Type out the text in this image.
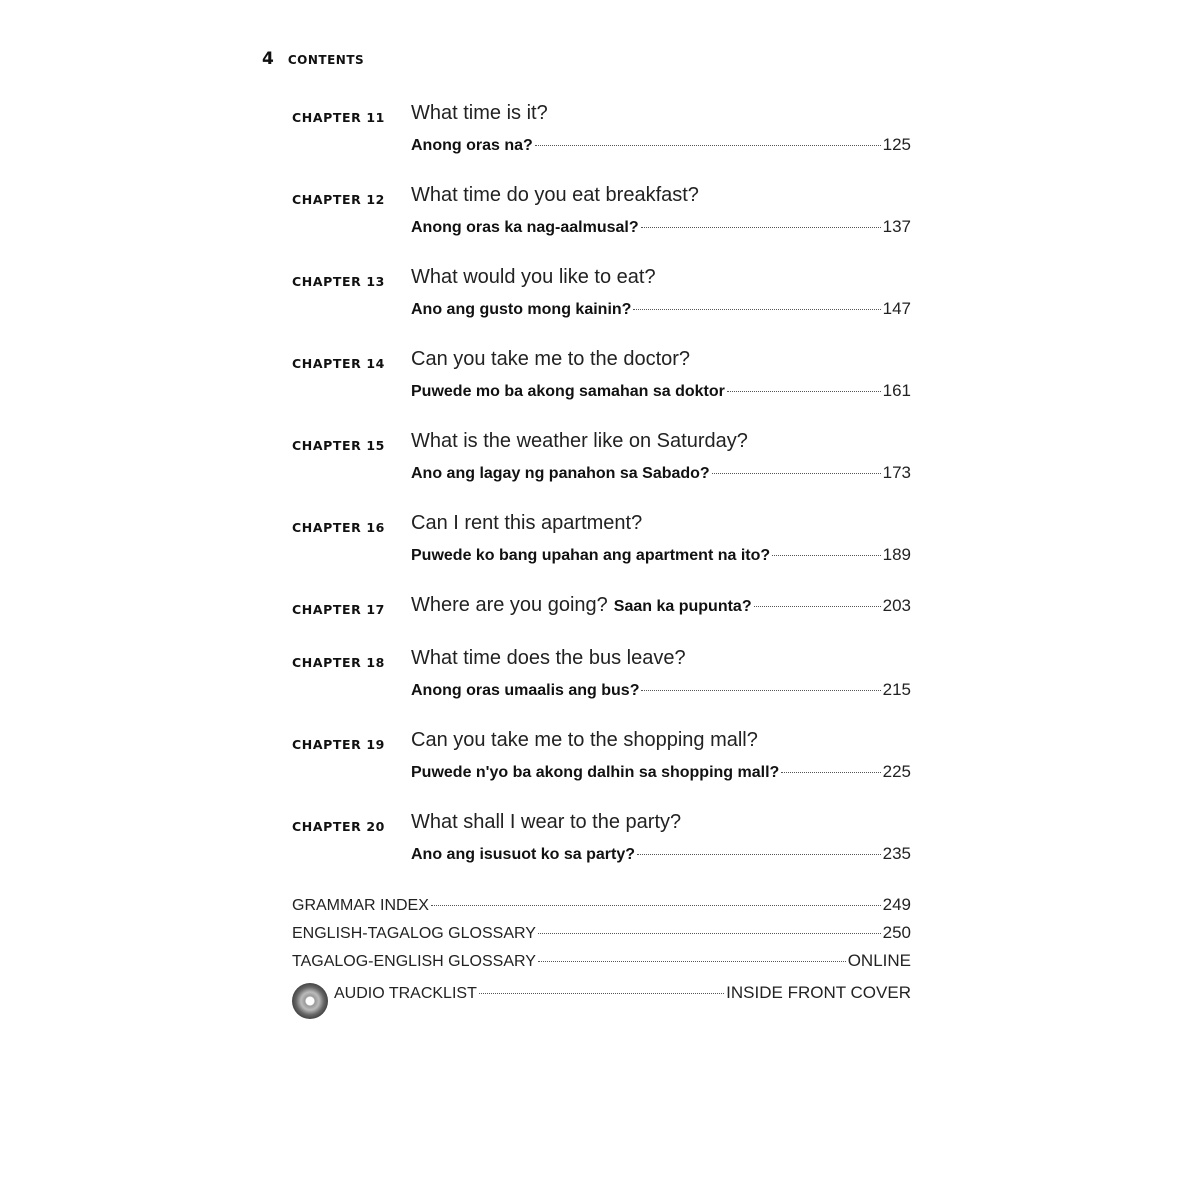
4 CONTENTS
CHAPTER 11 What time is it?
Anong oras na?	125
CHAPTER 12 What time do you eat breakfast?
Anong oras ka nag-aalmusal?	137
CHAPTER 13 What would you like to eat?
Ano ang gusto mong kainin?	147
CHAPTER 14 Can you take me to the doctor?
Puwede mo ba akong samahan sa doktor	161
CHAPTER 15 What is the weather like on Saturday?
Ano ang lagay ng panahon sa Sabado?	173
CHAPTER 16 Can I rent this apartment?
Puwede ko bang upahan ang apartment na ito?	189
CHAPTER 17 Where are you going? Saan ka pupunta?	203
CHAPTER 18 What time does the bus leave?
Anong oras umaalis ang bus?	215
CHAPTER 19 Can you take me to the shopping mall?
Puwede n'yo ba akong dalhin sa shopping mall?	225
CHAPTER 20 What shall I wear to the party?
Ano ang isusuot ko sa party?	235
GRAMMAR INDEX	249
ENGLISH-TAGALOG GLOSSARY	250
TAGALOG-ENGLISH GLOSSARY	ONLINE
AUDIO TRACKLIST	INSIDE FRONT COVER
